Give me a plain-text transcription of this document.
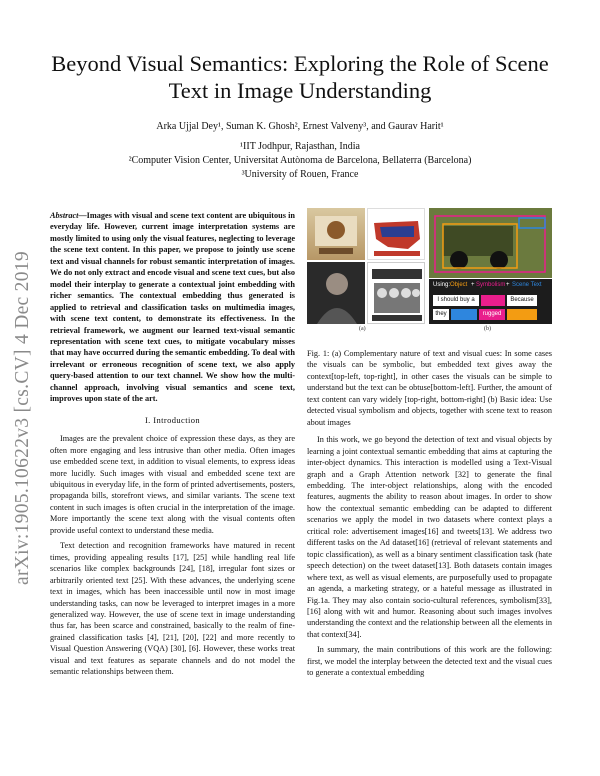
arXiv:1905.10622v3 [cs.CV] 4 Dec 2019
Beyond Visual Semantics: Exploring the Role of Scene Text in Image Understanding
Arka Ujjal Dey¹, Suman K. Ghosh², Ernest Valveny³, and Gaurav Harit¹
¹IIT Jodhpur, Rajasthan, India
²Computer Vision Center, Universitat Autònoma de Barcelona, Bellaterra (Barcelona)
³University of Rouen, France
Abstract—Images with visual and scene text content are ubiquitous in everyday life. However, current image interpretation systems are mostly limited to using only the visual features, neglecting to leverage the scene text content. In this paper, we propose to jointly use scene text and visual channels for robust semantic interpretation of images. We do not only extract and encode visual and scene text cues, but also model their interplay to generate a contextual joint embedding with richer semantics. The contextual embedding thus generated is applied to retrieval and classification tasks on multimedia images, with scene text content, to demonstrate its effectiveness. In the retrieval framework, we augment our learned text-visual semantic representation with scene text cues, to mitigate vocabulary misses that may have occurred during the semantic embedding. To deal with irrelevant or erroneous recognition of scene text, we also apply query-based attention to our text channel. We show how the multi-channel approach, involving visual semantics and scene text, improves upon state of the art.
I. Introduction
Images are the prevalent choice of expression these days, as they are often more engaging and less intrusive than other media. Often images use embedded scene text, in addition to visual elements, to express ideas more lucidly. Such images with visual and embedded scene text are ubiquitous in everyday life, in the form of printed advertisements, posters, propaganda bills, storefront views, and similar variants. The scene text content in such images is often crucial in the interpretation of the image. More importantly the scene text along with the visual contents often provide useful context to understand these media.
Text detection and recognition frameworks have matured in recent times, providing appealing results [17], [25] while handling real life scenarios like complex backgrounds [24], [18], irregular font sizes or arbitrarily oriented text [25]. With these advances, the underlying scene text in images, which has been inaccessible until now in most image understanding tasks, can now be leveraged to interpret images in a more generalized way. However, the use of scene text in image understanding thus far, has been scarce and constrained, basically to the realm of fine-grained classification tasks [4], [21], [20], [22] and more recently to Visual Question Answering (VQA) [30], [6]. However, these works treat visual and text features as separate channels and do not model the semantic relationships between them.
(a)
Using: Object + Symbolism + Scene Text
I should buy a	Because
they	rugged
(b)
Fig. 1: (a) Complementary nature of text and visual cues: In some cases the visuals can be symbolic, but embedded text gives away the context[top-left, top-right], in other cases the visuals can be simple to understand but the text can be obtuse[bottom-left]. Further, the amount of text content can vary widely [top-right, bottom-right] (b) Basic idea: Use detected visual symbolism and objects, together with scene text to reason about images
In this work, we go beyond the detection of text and visual objects by learning a joint contextual semantic embedding that aims at capturing the inter-object dynamics. This interaction is modelled using a Text-Visual graph and a Graph Attention network [32] to generate the final embedding. The inter-object relationships, along with the encoded features, augments the ability to reason about images. In order to show how the contextual semantic embedding can be adapted to different scenarios we apply the model in two datasets where context plays a critical role: advertisement images[16] and tweets[13]. We address two different tasks on the Ad dataset[16] (retrieval of relevant statements and topic classification), as well as a binary sentiment classification task (hate speech detection) on the tweet dataset[13]. Both datasets contain images where text, as well as visual elements, are purposefully used to propagate an agenda, a marketing strategy, or a hateful message as illustrated in Fig.1a. They may also contain socio-cultural references, symbolism[33], [16] along with wit and humor. Reasoning about such images involves understanding the context and the relationship between all the elements in that context[34].
In summary, the main contributions of this work are the following: first, we model the interplay between the detected text and the visual cues to generate a contextual embedding
